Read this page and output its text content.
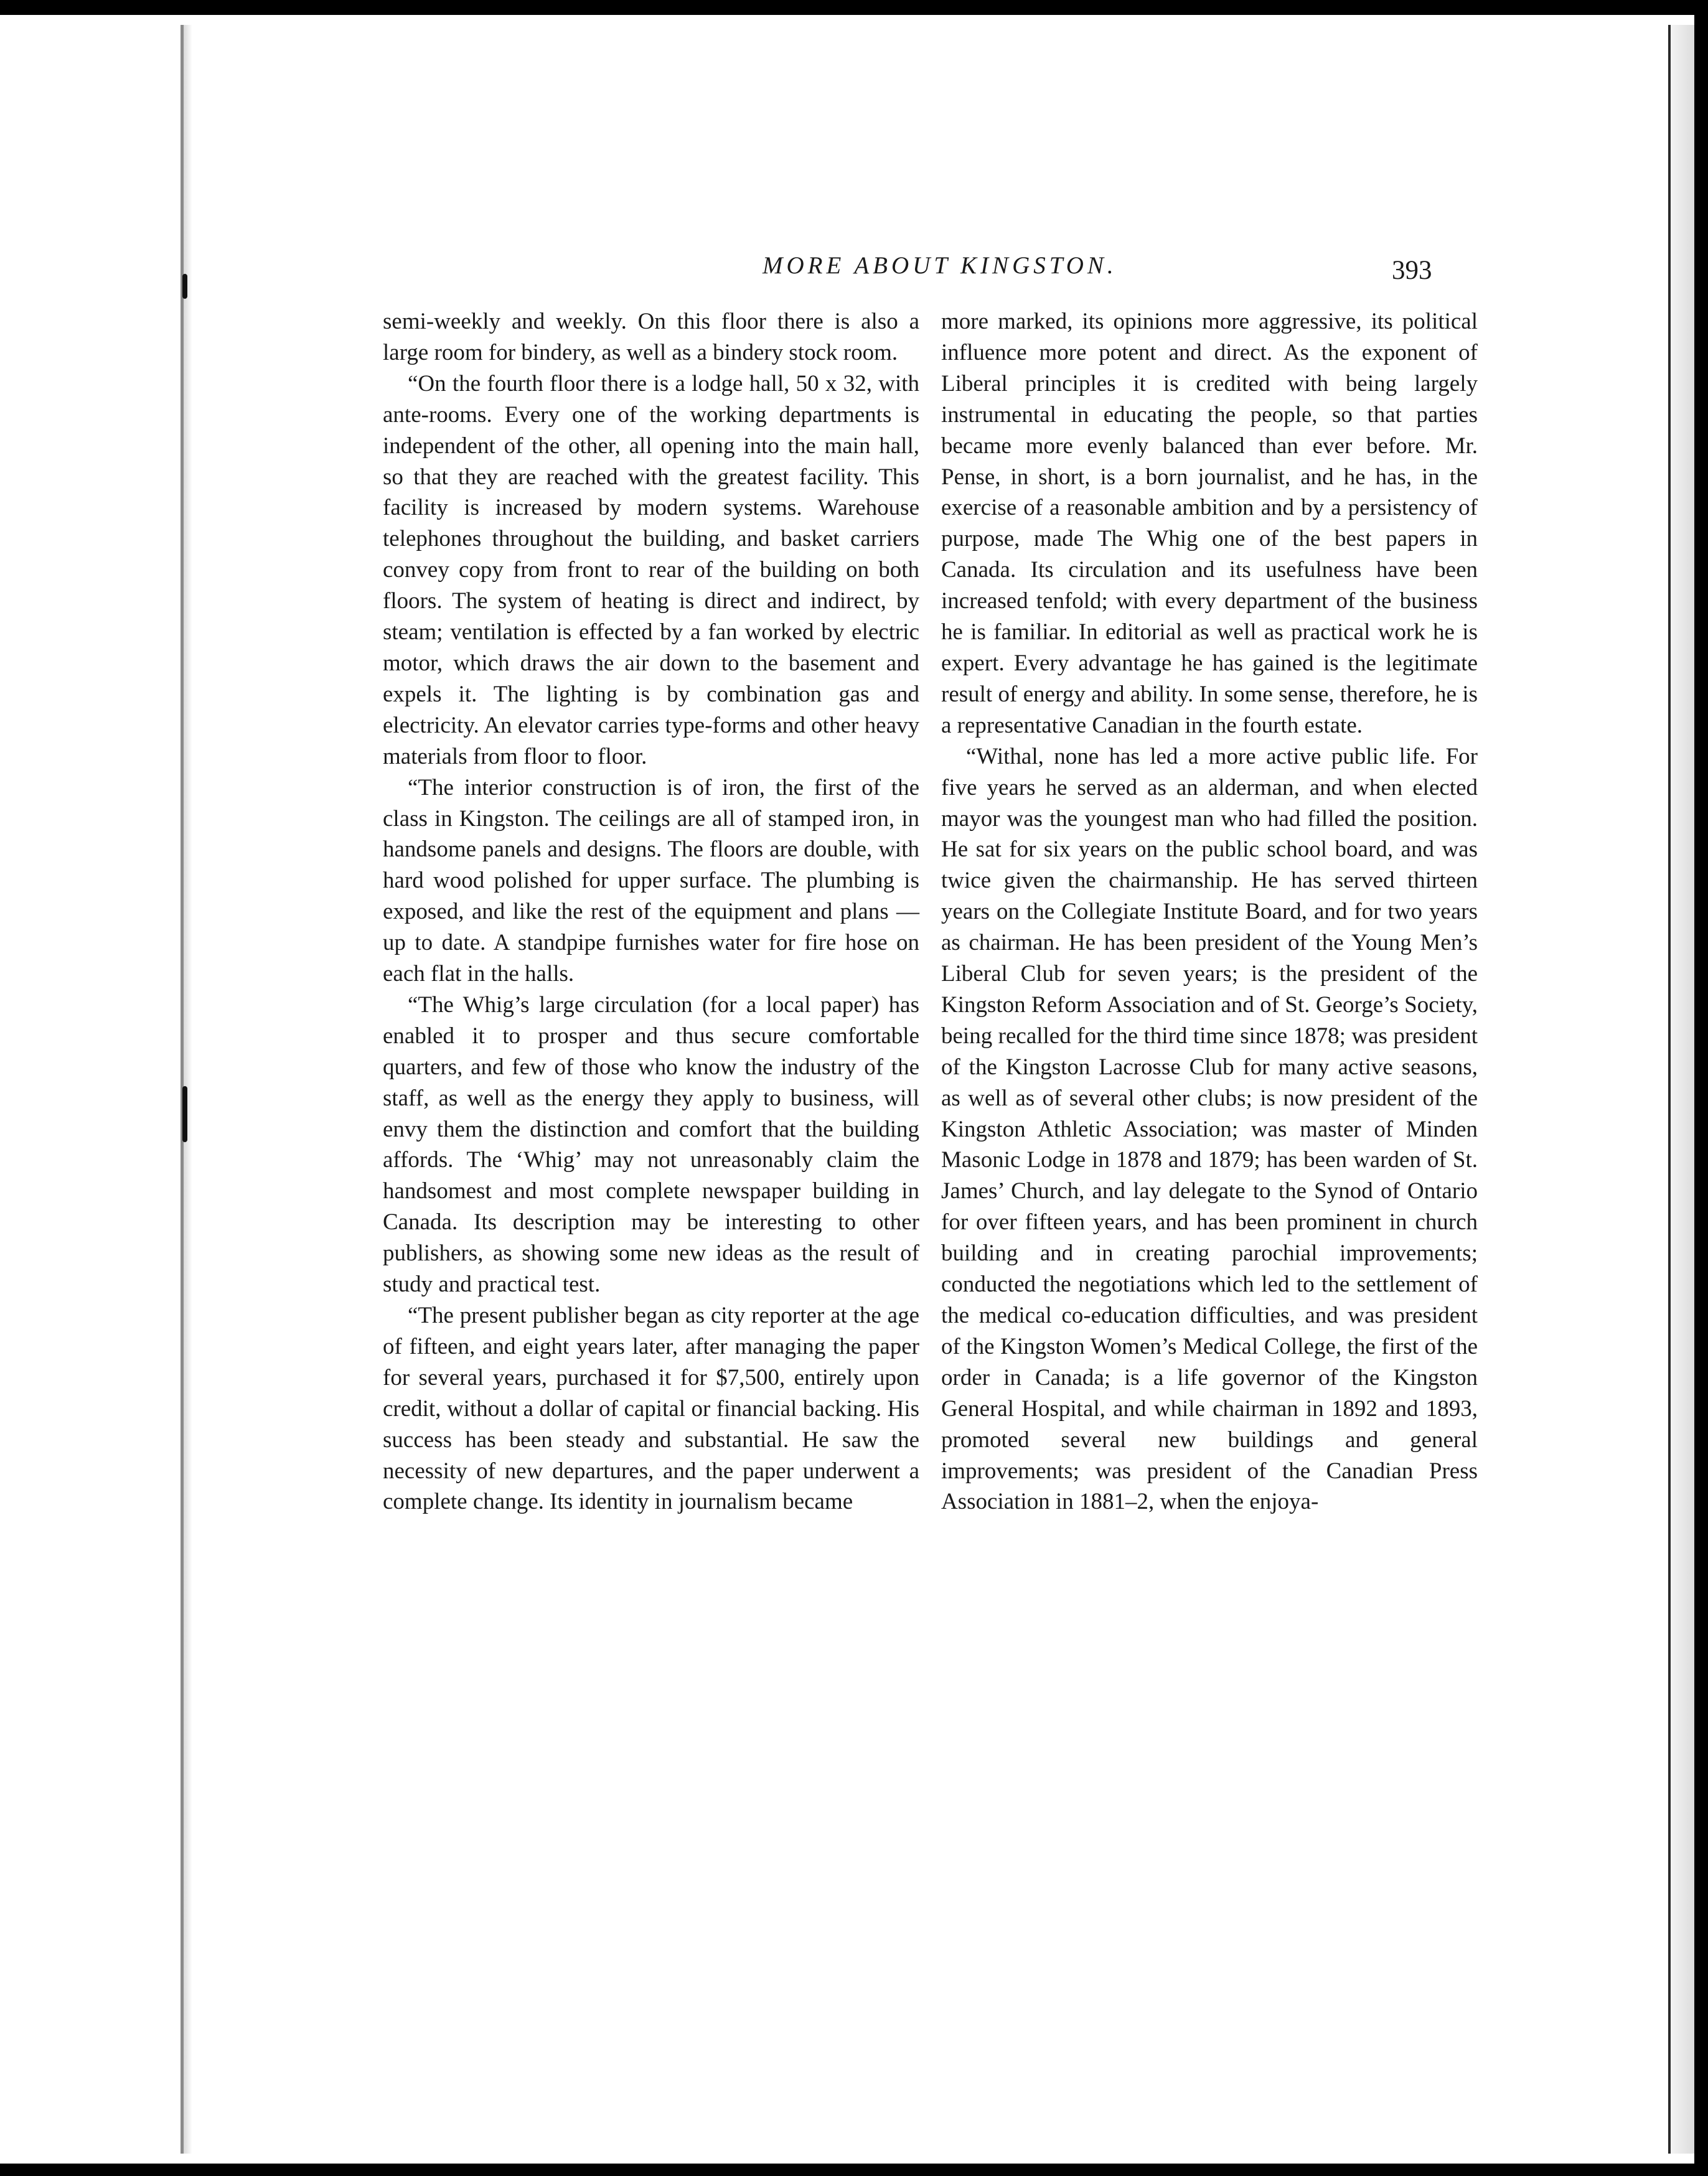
MORE ABOUT KINGSTON.	393

semi-weekly and weekly. On this floor there is also a large room for bindery, as well as a bindery stock room.

“On the fourth floor there is a lodge hall, 50 x 32, with ante-rooms. Every one of the working departments is independent of the other, all opening into the main hall, so that they are reached with the greatest facility. This facility is increased by modern systems. Warehouse telephones throughout the building, and basket carriers convey copy from front to rear of the building on both floors. The system of heating is direct and indirect, by steam; ventilation is effected by a fan worked by electric motor, which draws the air down to the basement and expels it. The lighting is by combination gas and electricity. An elevator carries type-forms and other heavy materials from floor to floor.

“The interior construction is of iron, the first of the class in Kingston. The ceilings are all of stamped iron, in handsome panels and designs. The floors are double, with hard wood polished for upper surface. The plumbing is exposed, and like the rest of the equipment and plans — up to date. A standpipe furnishes water for fire hose on each flat in the halls.

“The Whig’s large circulation (for a local paper) has enabled it to prosper and thus secure comfortable quarters, and few of those who know the industry of the staff, as well as the energy they apply to business, will envy them the distinction and comfort that the building affords. The ‘Whig’ may not unreasonably claim the handsomest and most complete newspaper building in Canada. Its description may be interesting to other publishers, as showing some new ideas as the result of study and practical test.

“The present publisher began as city reporter at the age of fifteen, and eight years later, after managing the paper for several years, purchased it for $7,500, entirely upon credit, without a dollar of capital or financial backing. His success has been steady and substantial. He saw the necessity of new departures, and the paper underwent a complete change. Its identity in journalism became

more marked, its opinions more aggressive, its political influence more potent and direct. As the exponent of Liberal principles it is credited with being largely instrumental in educating the people, so that parties became more evenly balanced than ever before. Mr. Pense, in short, is a born journalist, and he has, in the exercise of a reasonable ambition and by a persistency of purpose, made The Whig one of the best papers in Canada. Its circulation and its usefulness have been increased tenfold; with every department of the business he is familiar. In editorial as well as practical work he is expert. Every advantage he has gained is the legitimate result of energy and ability. In some sense, therefore, he is a representative Canadian in the fourth estate.

“Withal, none has led a more active public life. For five years he served as an alderman, and when elected mayor was the youngest man who had filled the position. He sat for six years on the public school board, and was twice given the chairmanship. He has served thirteen years on the Collegiate Institute Board, and for two years as chairman. He has been president of the Young Men’s Liberal Club for seven years; is the president of the Kingston Reform Association and of St. George’s Society, being recalled for the third time since 1878; was president of the Kingston Lacrosse Club for many active seasons, as well as of several other clubs; is now president of the Kingston Athletic Association; was master of Minden Masonic Lodge in 1878 and 1879; has been warden of St. James’ Church, and lay delegate to the Synod of Ontario for over fifteen years, and has been prominent in church building and in creating parochial improvements; conducted the negotiations which led to the settlement of the medical co-education difficulties, and was president of the Kingston Women’s Medical College, the first of the order in Canada; is a life governor of the Kingston General Hospital, and while chairman in 1892 and 1893, promoted several new buildings and general improvements; was president of the Canadian Press Association in 1881–2, when the enjoya-
